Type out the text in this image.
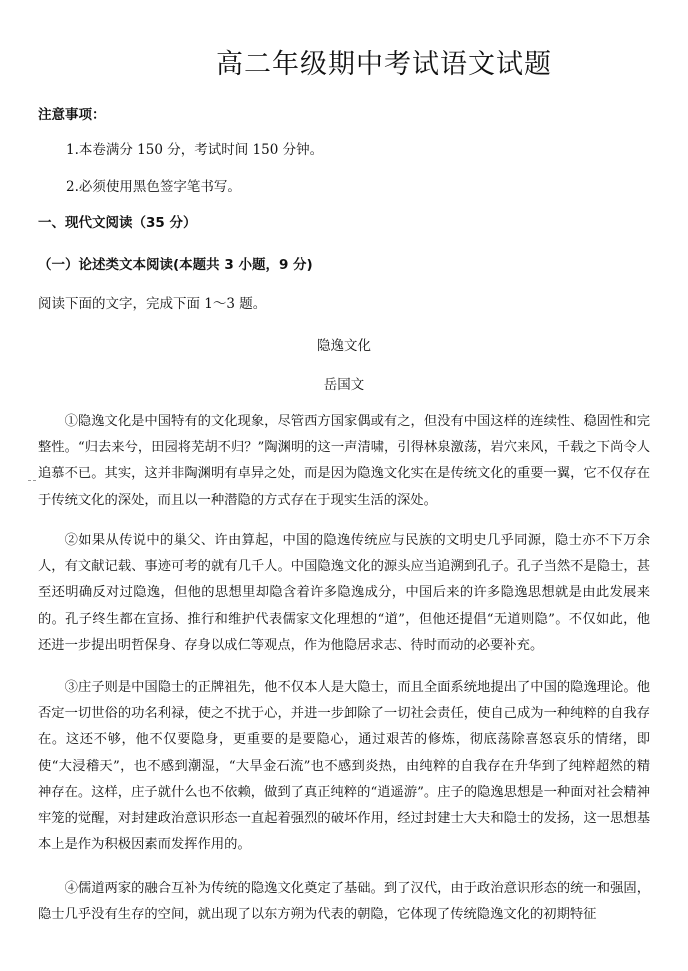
高二年级期中考试语文试题
注意事项：
1.本卷满分 150 分，考试时间 150 分钟。
2.必须使用黑色签字笔书写。
一、现代文阅读（35 分）
（一）论述类文本阅读(本题共 3 小题，9 分)
阅读下面的文字，完成下面 1～3 题。
隐逸文化
岳国文

①隐逸文化是中国特有的文化现象，尽管西方国家偶或有之，但没有中国这样的连续性、稳固性和完整性。“归去来兮，田园将芜胡不归？”陶渊明的这一声清啸，引得林泉激荡，岩穴来风，千载之下尚令人追慕不已。其实，这并非陶渊明有卓异之处，而是因为隐逸文化实在是传统文化的重要一翼，它不仅存在于传统文化的深处，而且以一种潜隐的方式存在于现实生活的深处。

②如果从传说中的巢父、许由算起，中国的隐逸传统应与民族的文明史几乎同源，隐士亦不下万余人，有文献记载、事迹可考的就有几千人。中国隐逸文化的源头应当追溯到孔子。孔子当然不是隐士，甚至还明确反对过隐逸，但他的思想里却隐含着许多隐逸成分，中国后来的许多隐逸思想就是由此发展来的。孔子终生都在宣扬、推行和维护代表儒家文化理想的“道”，但他还提倡“无道则隐”。不仅如此，他还进一步提出明哲保身、存身以成仁等观点，作为他隐居求志、待时而动的必要补充。

③庄子则是中国隐士的正牌祖先，他不仅本人是大隐士，而且全面系统地提出了中国的隐逸理论。他否定一切世俗的功名利禄，使之不扰于心，并进一步卸除了一切社会责任，使自己成为一种纯粹的自我存在。这还不够，他不仅要隐身，更重要的是要隐心，通过艰苦的修炼，彻底荡除喜怒哀乐的情绪，即使“大浸稽天”，也不感到潮湿，“大旱金石流”也不感到炎热，由纯粹的自我存在升华到了纯粹超然的精神存在。这样，庄子就什么也不依赖，做到了真正纯粹的“逍遥游”。庄子的隐逸思想是一种面对社会精神牢笼的觉醒，对封建政治意识形态一直起着强烈的破坏作用，经过封建士大夫和隐士的发扬，这一思想基本上是作为积极因素而发挥作用的。

④儒道两家的融合互补为传统的隐逸文化奠定了基础。到了汉代，由于政治意识形态的统一和强固，隐士几乎没有生存的空间，就出现了以东方朔为代表的朝隐，它体现了传统隐逸文化的初期特征
